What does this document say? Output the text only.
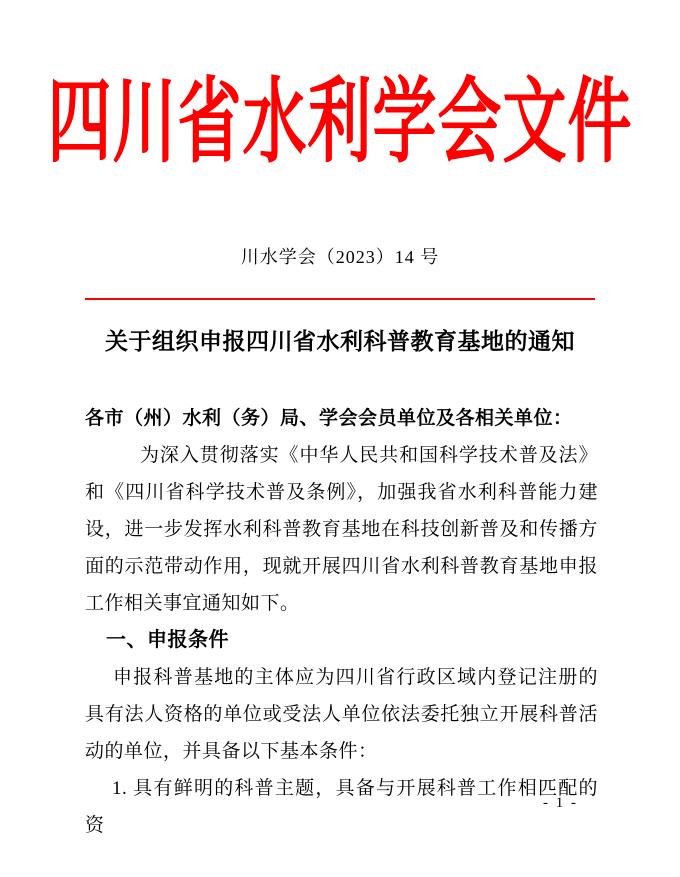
四川省水利学会文件
川水学会（2023）14 号
关于组织申报四川省水利科普教育基地的通知
各市（州）水利（务）局、学会会员单位及各相关单位：
为深入贯彻落实《中华人民共和国科学技术普及法》和《四川省科学技术普及条例》，加强我省水利科普能力建设，进一步发挥水利科普教育基地在科技创新普及和传播方面的示范带动作用，现就开展四川省水利科普教育基地申报工作相关事宜通知如下。
一、申报条件
申报科普基地的主体应为四川省行政区域内登记注册的具有法人资格的单位或受法人单位依法委托独立开展科普活动的单位，并具备以下基本条件：
1. 具有鲜明的科普主题，具备与开展科普工作相匹配的资
- 1 -
